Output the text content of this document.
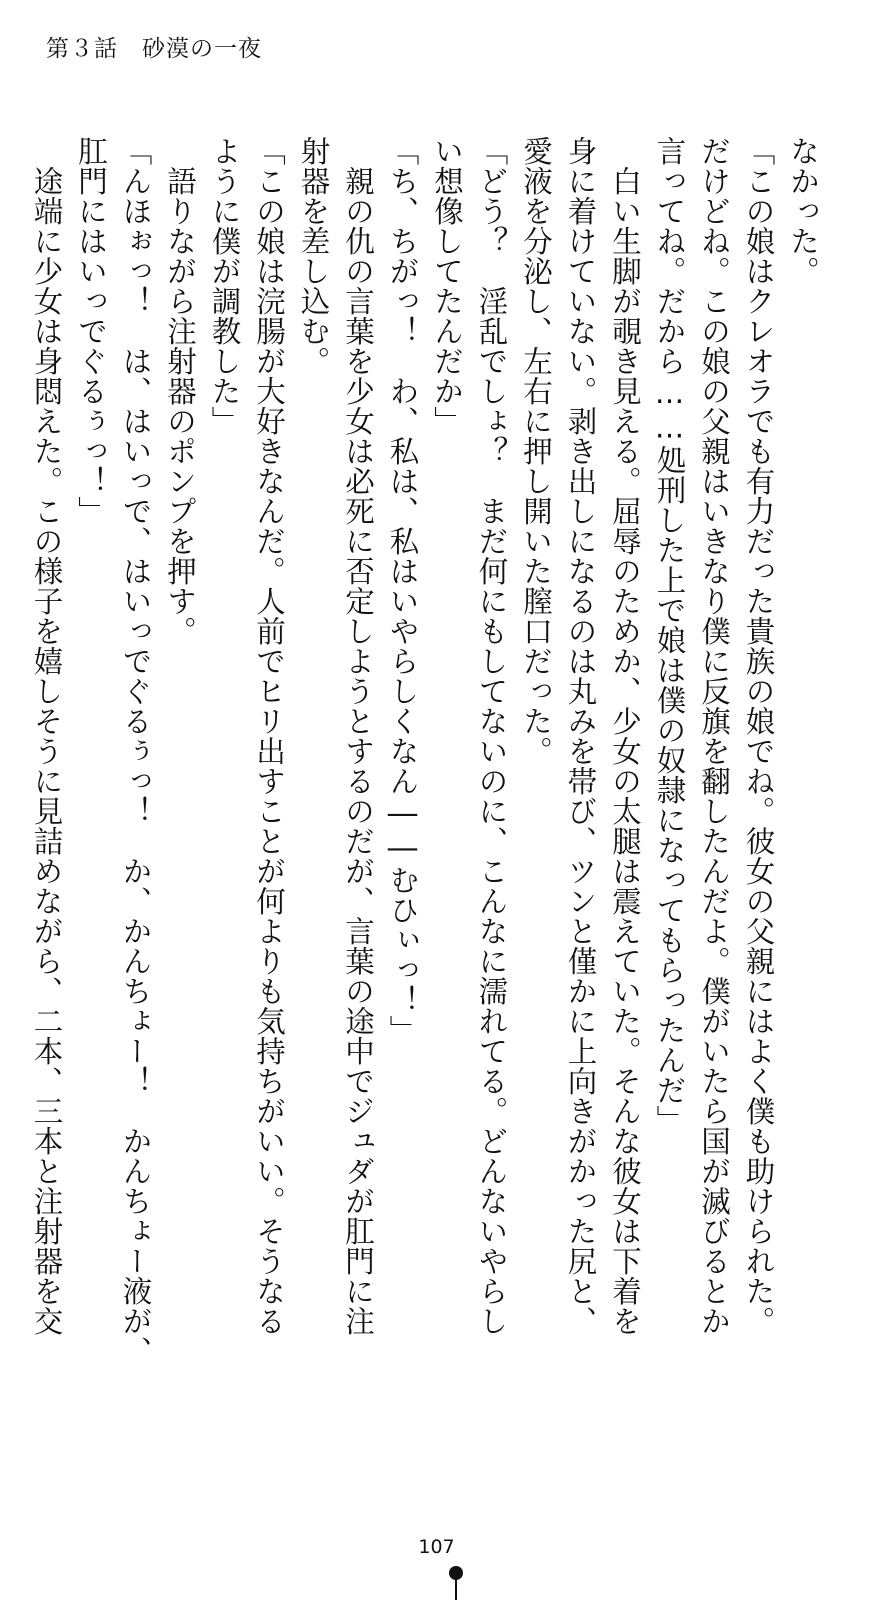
第３話　砂漠の一夜

なかった。

「この娘はクレオラでも有力だった貴族の娘でね。彼女の父親にはよく僕も助けられた。

だけどね。この娘の父親はいきなり僕に反旗を翻したんだよ。僕がいたら国が滅びるとか

言ってね。だから……処刑した上で娘は僕の奴隷になってもらったんだ」

　白い生脚が覗き見える。屈辱のためか、少女の太腿は震えていた。そんな彼女は下着を

身に着けていない。剥き出しになるのは丸みを帯び、ツンと僅かに上向きがかった尻と、

愛液を分泌し、左右に押し開いた膣口だった。

「どう？　淫乱でしょ？　まだ何にもしてないのに、こんなに濡れてる。どんないやらし

い想像してたんだか」

「ち、ちがっ！　わ、私は、私はいやらしくなん――むひぃっ！」

　親の仇の言葉を少女は必死に否定しようとするのだが、言葉の途中でジュダが肛門に注

射器を差し込む。

「この娘は浣腸が大好きなんだ。人前でヒリ出すことが何よりも気持ちがいい。そうなる

ように僕が調教した」

　語りながら注射器のポンプを押す。

「んほぉっ！　は、はいっで、はいっでぐるぅっ！　か、かんちょー！　かんちょー液が、

肛門にはいっでぐるぅっ！」

　途端に少女は身悶えた。この様子を嬉しそうに見詰めながら、二本、三本と注射器を交

107
